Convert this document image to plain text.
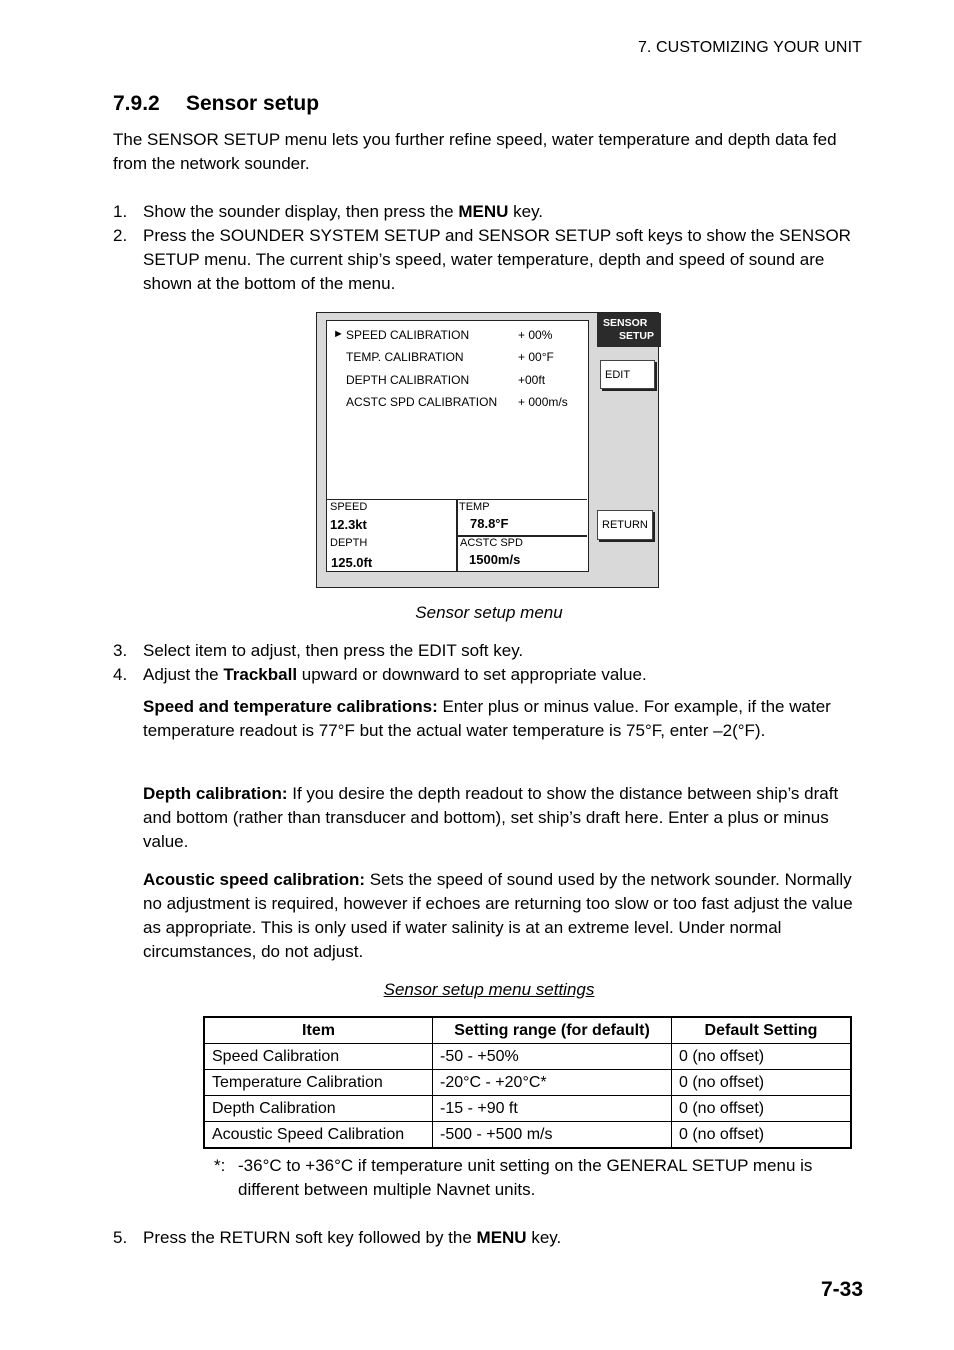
7. CUSTOMIZING YOUR UNIT
7.9.2 Sensor setup
The SENSOR SETUP menu lets you further refine speed, water temperature and depth data fed from the network sounder.
1. Show the sounder display, then press the MENU key.
2. Press the SOUNDER SYSTEM SETUP and SENSOR SETUP soft keys to show the SENSOR SETUP menu. The current ship’s speed, water temperature, depth and speed of sound are shown at the bottom of the menu.
► SPEED CALIBRATION	+ 00%
TEMP. CALIBRATION	+ 00°F
DEPTH CALIBRATION	+00ft
ACSTC SPD CALIBRATION + 000m/s
SPEED
12.3kt
TEMP
78.8°F
DEPTH
125.0ft
ACSTC SPD
1500m/s
SENSOR
SETUP
EDIT
RETURN
Sensor setup menu
3. Select item to adjust, then press the EDIT soft key.
4. Adjust the Trackball upward or downward to set appropriate value.
Speed and temperature calibrations: Enter plus or minus value. For example, if the water temperature readout is 77°F but the actual water temperature is 75°F, enter –2(°F).
Depth calibration: If you desire the depth readout to show the distance between ship’s draft and bottom (rather than transducer and bottom), set ship’s draft here. Enter a plus or minus value.
Acoustic speed calibration: Sets the speed of sound used by the network sounder. Normally no adjustment is required, however if echoes are returning too slow or too fast adjust the value as appropriate. This is only used if water salinity is at an extreme level. Under normal circumstances, do not adjust.
Sensor setup menu settings
Item	Setting range (for default)	Default Setting
Speed Calibration	-50 - +50%	0 (no offset)
Temperature Calibration	-20°C - +20°C*	0 (no offset)
Depth Calibration	-15 - +90 ft	0 (no offset)
Acoustic Speed Calibration	-500 - +500 m/s	0 (no offset)
*: -36°C to +36°C if temperature unit setting on the GENERAL SETUP menu is different between multiple Navnet units.
5. Press the RETURN soft key followed by the MENU key.
7-33
